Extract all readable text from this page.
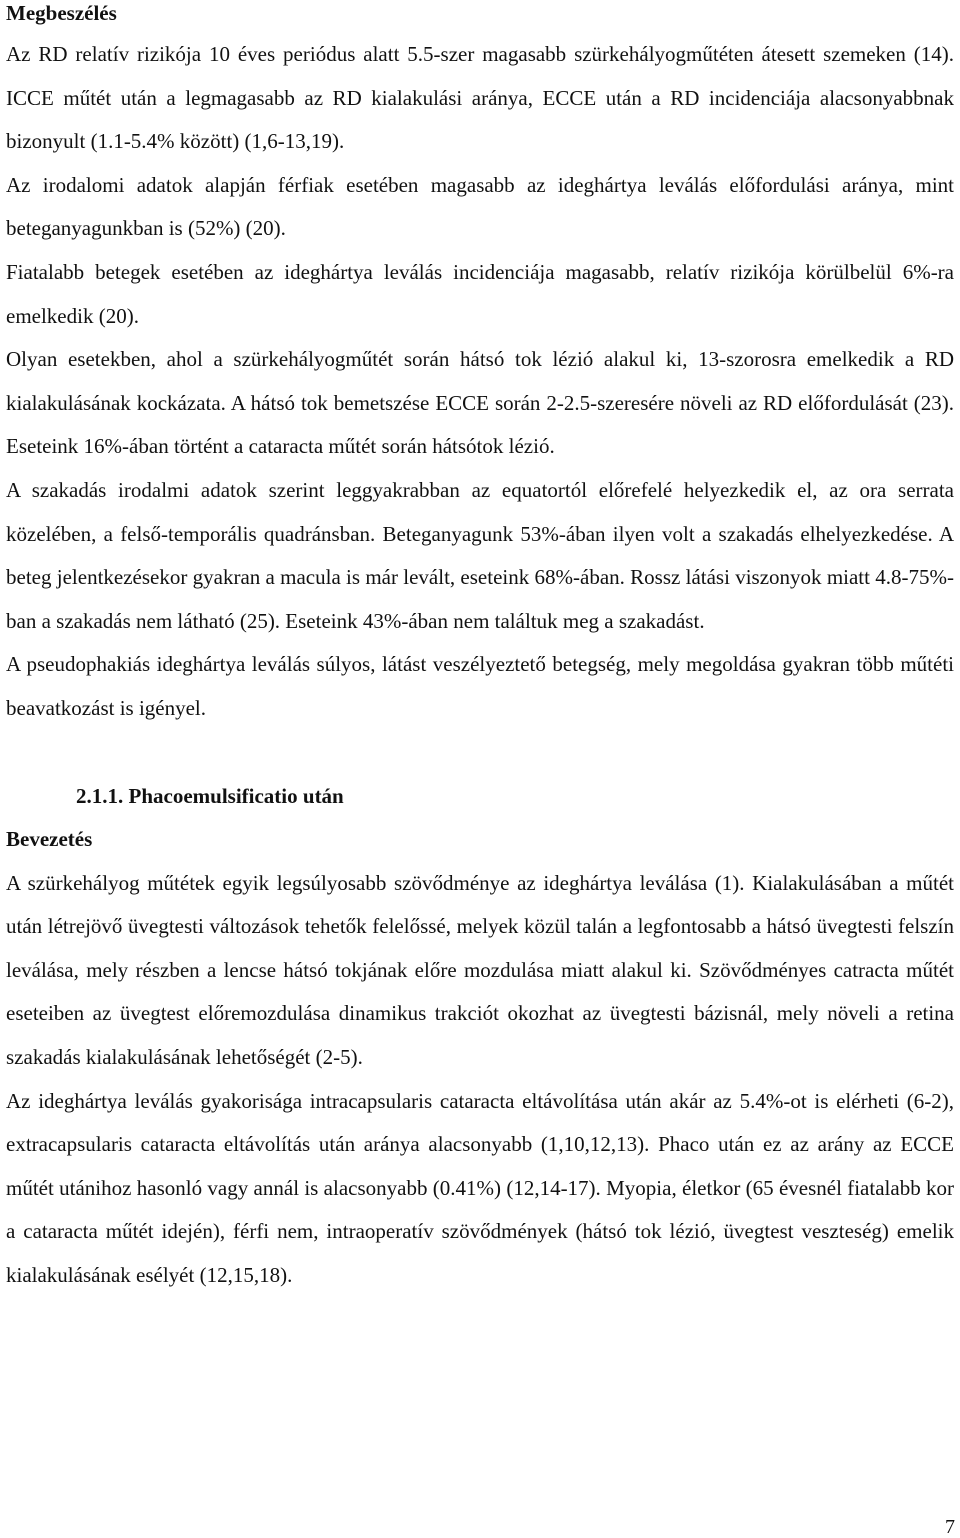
Megbeszélés

Az RD relatív rizikója 10 éves periódus alatt 5.5-szer magasabb szürkehályogműtéten átesett szemeken (14). ICCE műtét után a legmagasabb az RD kialakulási aránya, ECCE után a RD incidenciája alacsonyabbnak bizonyult (1.1-5.4% között) (1,6-13,19).

Az irodalomi adatok alapján férfiak esetében magasabb az ideghártya leválás előfordulási aránya, mint beteganyagunkban is (52%) (20).

Fiatalabb betegek esetében az ideghártya leválás incidenciája magasabb, relatív rizikója körülbelül 6%-ra emelkedik (20).

Olyan esetekben, ahol a szürkehályogműtét során hátsó tok lézió alakul ki, 13-szorosra emelkedik a RD kialakulásának kockázata. A hátsó tok bemetszése ECCE során 2-2.5-szeresére növeli az RD előfordulását (23). Eseteink 16%-ában történt a cataracta műtét során hátsótok lézió.

A szakadás irodalmi adatok szerint leggyakrabban az equatortól előrefelé helyezkedik el, az ora serrata közelében, a felső-temporális quadránsban. Beteganyagunk 53%-ában ilyen volt a szakadás elhelyezkedése. A beteg jelentkezésekor gyakran a macula is már levált, eseteink 68%-ában. Rossz látási viszonyok miatt 4.8-75%-ban a szakadás nem látható (25). Eseteink 43%-ában nem találtuk meg a szakadást.

A pseudophakiás ideghártya leválás súlyos, látást veszélyeztető betegség, mely megoldása gyakran több műtéti beavatkozást is igényel.

2.1.1. Phacoemulsificatio után

Bevezetés

A szürkehályog műtétek egyik legsúlyosabb szövődménye az ideghártya leválása (1). Kialakulásában a műtét után létrejövő üvegtesti változások tehetők felelőssé, melyek közül talán a legfontosabb a hátsó üvegtesti felszín leválása, mely részben a lencse hátsó tokjának előre mozdulása miatt alakul ki. Szövődményes catracta műtét eseteiben az üvegtest előremozdulása dinamikus trakciót okozhat az üvegtesti bázisnál, mely növeli a retina szakadás kialakulásának lehetőségét (2-5).

Az ideghártya leválás gyakorisága intracapsularis cataracta eltávolítása után akár az 5.4%-ot is elérheti (6-2), extracapsularis cataracta eltávolítás után aránya alacsonyabb (1,10,12,13). Phaco után ez az arány az ECCE műtét utánihoz hasonló vagy annál is alacsonyabb (0.41%) (12,14-17). Myopia, életkor (65 évesnél fiatalabb kor a cataracta műtét idején), férfi nem, intraoperatív szövődmények (hátsó tok lézió, üvegtest veszteség) emelik kialakulásának esélyét (12,15,18).

7
